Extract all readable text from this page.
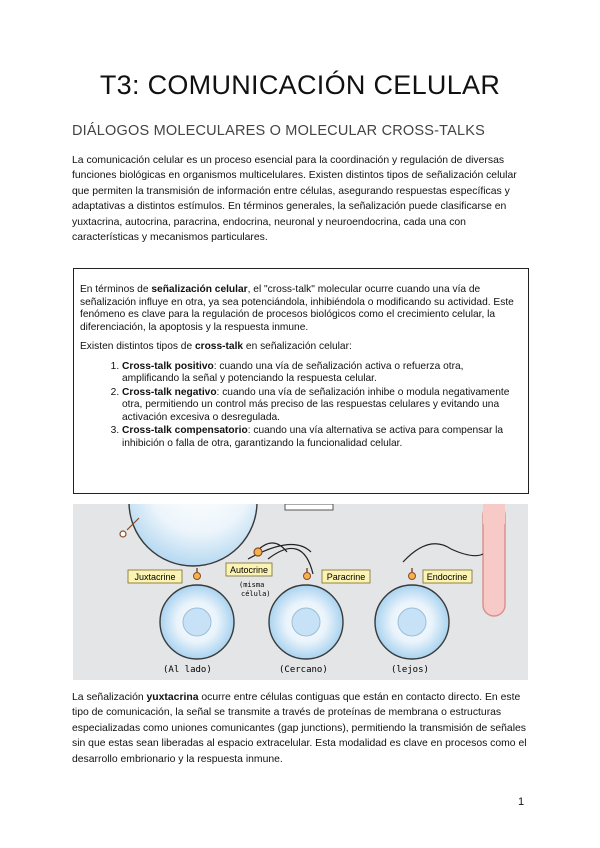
T3: COMUNICACIÓN CELULAR
DIÁLOGOS MOLECULARES O MOLECULAR CROSS-TALKS
La comunicación celular es un proceso esencial para la coordinación y regulación de diversas funciones biológicas en organismos multicelulares. Existen distintos tipos de señalización celular que permiten la transmisión de información entre células, asegurando respuestas específicas y adaptativas a distintos estímulos. En términos generales, la señalización puede clasificarse en yuxtacrina, autocrina, paracrina, endocrina, neuronal y neuroendocrina, cada una con características y mecanismos particulares.

En términos de señalización celular, el "cross-talk" molecular ocurre cuando una vía de señalización influye en otra, ya sea potenciándola, inhibiéndola o modificando su actividad. Este fenómeno es clave para la regulación de procesos biológicos como el crecimiento celular, la diferenciación, la apoptosis y la respuesta inmune.

Existen distintos tipos de cross-talk en señalización celular:

1. Cross-talk positivo: cuando una vía de señalización activa o refuerza otra, amplificando la señal y potenciando la respuesta celular.
2. Cross-talk negativo: cuando una vía de señalización inhibe o modula negativamente otra, permitiendo un control más preciso de las respuestas celulares y evitando una activación excesiva o desregulada.
3. Cross-talk compensatorio: cuando una vía alternativa se activa para compensar la inhibición o falla de otra, garantizando la funcionalidad celular.
Juxtacrine
Autocrine
Paracrine	Endocrine
(misma
célula)
(Al lado)	(Cercano)	(lejos)
La señalización yuxtacrina ocurre entre células contiguas que están en contacto directo. En este tipo de comunicación, la señal se transmite a través de proteínas de membrana o estructuras especializadas como uniones comunicantes (gap junctions), permitiendo la transmisión de señales sin que estas sean liberadas al espacio extracelular. Esta modalidad es clave en procesos como el desarrollo embrionario y la respuesta inmune.
1
